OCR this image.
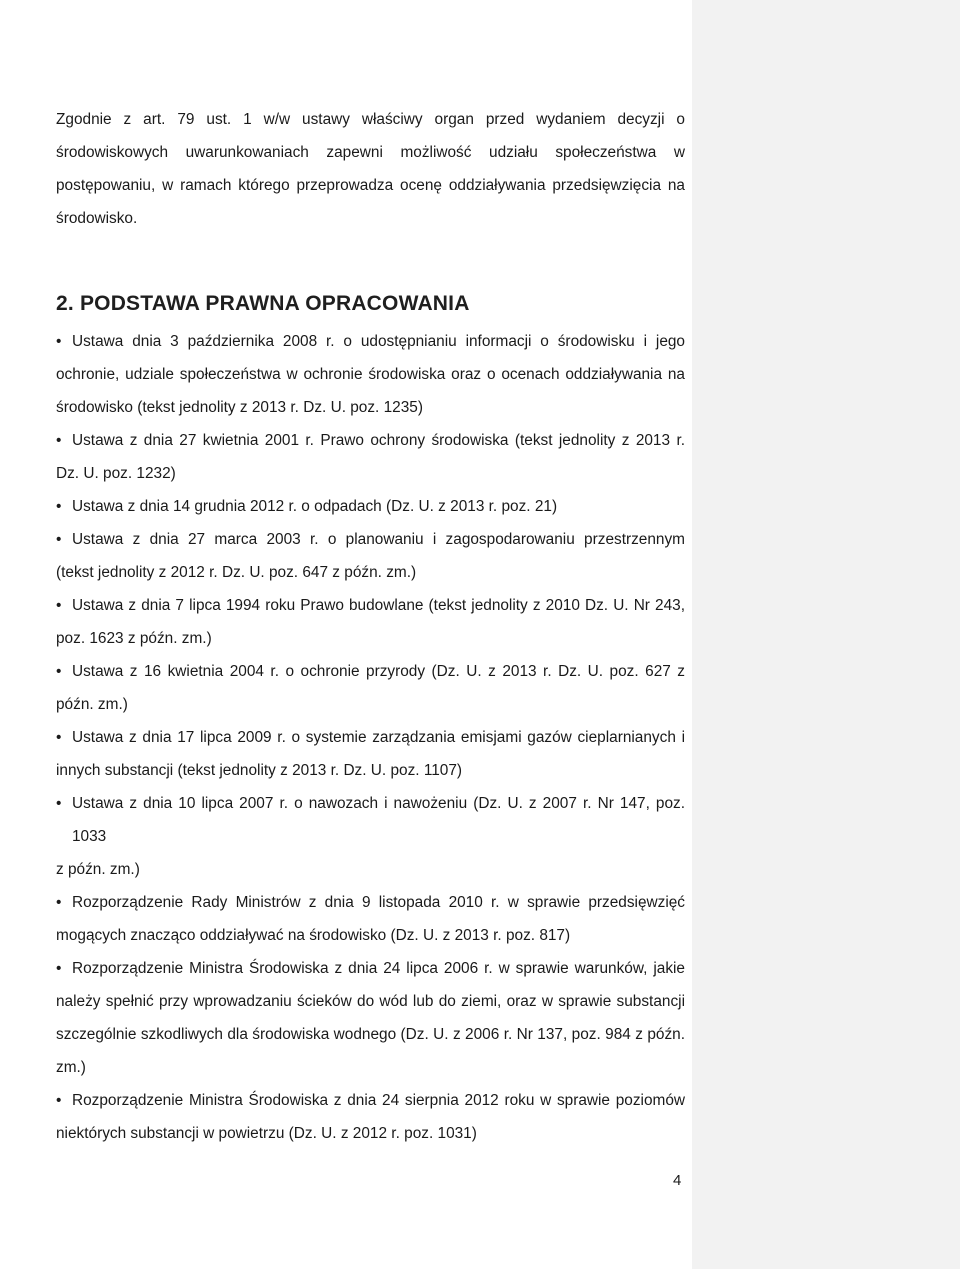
Zgodnie z art. 79 ust. 1 w/w ustawy właściwy organ przed wydaniem decyzji o środowiskowych uwarunkowaniach zapewni możliwość udziału społeczeństwa w postępowaniu, w ramach którego przeprowadza ocenę oddziaływania przedsięwzięcia na środowisko.

2. PODSTAWA PRAWNA OPRACOWANIA
• Ustawa dnia 3 października 2008 r. o udostępnianiu informacji o środowisku i jego
ochronie, udziale społeczeństwa w ochronie środowiska oraz o ocenach oddziaływania na środowisko (tekst jednolity z 2013 r. Dz. U. poz. 1235)
• Ustawa z dnia 27 kwietnia 2001 r. Prawo ochrony środowiska (tekst jednolity z 2013 r.
Dz. U. poz. 1232)
• Ustawa z dnia 14 grudnia 2012 r. o odpadach (Dz. U. z 2013 r. poz. 21)
• Ustawa z dnia 27 marca 2003 r. o planowaniu i zagospodarowaniu przestrzennym
(tekst jednolity z 2012 r. Dz. U. poz. 647 z późn. zm.)
• Ustawa z dnia 7 lipca 1994 roku Prawo budowlane (tekst jednolity z 2010 Dz. U. Nr 243,
poz. 1623 z późn. zm.)
• Ustawa z 16 kwietnia 2004 r. o ochronie przyrody (Dz. U. z 2013 r. Dz. U. poz. 627 z
późn. zm.)
• Ustawa z dnia 17 lipca 2009 r. o systemie zarządzania emisjami gazów cieplarnianych i
innych substancji (tekst jednolity z 2013 r. Dz. U. poz. 1107)
• Ustawa z dnia 10 lipca 2007 r. o nawozach i nawożeniu (Dz. U. z 2007 r. Nr 147, poz. 1033
z późn. zm.)
• Rozporządzenie Rady Ministrów z dnia 9 listopada 2010 r. w sprawie przedsięwzięć
mogących znacząco oddziaływać na środowisko (Dz. U. z 2013 r. poz. 817)
• Rozporządzenie Ministra Środowiska z dnia 24 lipca 2006 r. w sprawie warunków, jakie
należy spełnić przy wprowadzaniu ścieków do wód lub do ziemi, oraz w sprawie substancji szczególnie szkodliwych dla środowiska wodnego (Dz. U. z 2006 r. Nr 137, poz. 984 z późn. zm.)
• Rozporządzenie Ministra Środowiska z dnia 24 sierpnia 2012 roku w sprawie poziomów
niektórych substancji w powietrzu (Dz. U. z 2012 r. poz. 1031)
4
